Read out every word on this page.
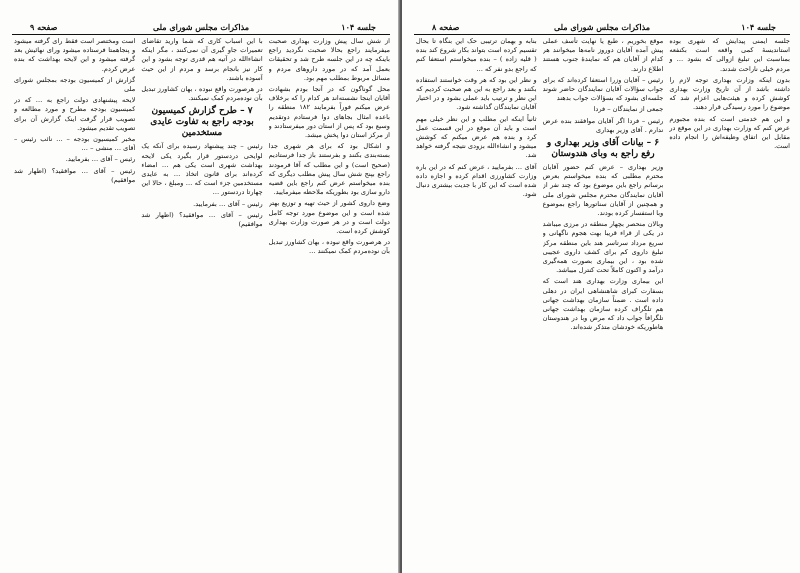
صفحه ۹	مذاکرات مجلس شورای ملی	جلسه ۱۰۴

از شش سال پیش وزارت بهداری صحبت میفرمایند راجع بحالا صحبت نگردید راجع باینکه چه در این جلسه طرح شد و تحقیقات بعمل آمد که در مورد داروهای مردم و مسائل مربوط بمطلب مهم بود.

محل گوناگون که در آنجا بودم بشهادت آقایان اینجا نشسته‌اند هر کدام را که برخلاف عرض میکنم فوراً بفرمایند ۱۸۲ منطقه را باعده امثال بجاهای دوا فرستادم دوتقدیم وسیع بود که پس از استان دور میفرستادند و از مرکز استان دوا پخش میشد.

و اشکال بود که برای هر شهری جدا بسته‌بندی بکنند و بفرستند باز جدا فرستادیم (صحیح است) و این مطلب که آقا فرمودند راجع بپنج شش سال پیش مطلب دیگری که بنده میخواستم عرض کنم راجع باین قضیه دارو سازی بود بطوریکه ملاحظه میفرمایید.

وضع داروی کشور از حیث تهیه و توزیع بهتر شده است و این موضوع مورد توجه کامل دولت است و در هر صورت وزارت بهداری کوشش کرده است.

در هرصورت واقع نبوده ، بهان کشاورز تبدیل بآن نوده‌مردم کمک نمیکنند …

با این اسباب کاری که شما وارید تقاضای تعمیرات جاو گیری آن نمی‌کنند ، مگر اینکه انشاءالله در آتیه هم قدری توجه بشود و این کار نیز بانجام برسد و مردم از این حیث آسوده باشند.

در هرصورت واقع نبوده ، بهان کشاورز تبدیل بآن نوده‌مردم کمک نمیکنند.

۷ – طرح گزارش کمیسیون بودجه راجع به تفاوت عایدی مستخدمین

رئیس – چند پیشنهاد رسیده برای آنکه یک لوایحی دردستور قرار بگیرد یکی لایحه بهداشت شهری است یکی هم … امضاء کرده‌اند برای قانون اتخاذ … به عایدی مستخدمین جزء است که … ومبلغ ، حالا این چهارتا دردستور …

رئیس – آقای … بفرمایید.

رئیس – آقای … موافقید؟ (اظهار شد موافقیم)

است ومختصر است فقط رای گرفته میشود و پنجاهمتا فرستاده میشود ورای نهائیش بعد گرفته میشود و این لایحه بهداشت که بنده عرض کردم.

گزارش از کمیسیون بودجه بمجلس شورای ملی

لایحه پیشنهادی دولت راجع به … که در کمیسیون بودجه مطرح و مورد مطالعه و تصویب قرار گرفت اینک گزارش آن برای تصویب تقدیم میشود.

مخبر کمیسیون بودجه – … نائب رئیس – آقای … منشی – …

رئیس – آقای … بفرمایید.

رئیس – آقای … موافقید؟ (اظهار شد موافقیم)

صفحه ۸	مذاکرات مجلس شورای ملی	جلسه ۱۰۴

جلسه ایمنی پیدایش که شهری بوده استاندیسهٔ کمی واقعه است بکنفعه بمناسبت این تبلیغ ازوالی که بشود … و مردم خیلی ناراحت شدند.

بدون اینکه وزارت بهداری توجه لازم را داشته باشد از آن تاریخ وزارت بهداری کوشش کرده و هیئت‌هایی اعزام شد که موضوع را مورد رسیدگی قرار دهند.

و این هم خدمتی است که بنده مجبورم عرض کنم که وزارت بهداری در این موقع در مقابل این اتفاق وظیفه‌اش را انجام داده است.

موقع بخوریم ، طبع یا نهایت تأسف عملی پیش آمده آقایان دوروز نامه‌ها میخوانند هر کدام از آقایان هم که نمایندهٔ جنوب هستند اطلاع دارند.

رئیس – آقایان وزرا استعفا کرده‌اند که برای جواب سؤالات آقایان نمایندگان حاضر شوند جلسه‌ای بشود که بسؤالات جواب بدهند

جمعی از نمایندگان – فردا

رئیس – فردا اگر آقایان موافقند بنده عرض ندارم . آقای وزیر بهداری

۶ – بیانات آقای وزیر بهداری و رفع راجع به وبای هندوستان

وزیر بهداری – عرض کنم حضور آقایان محترم مطلبی که بنده میخواستم بعرض برسانم راجع باین موضوع بود که چند نفر از آقایان نمایندگان محترم مجلس شورای ملی و همچنین از آقایان سناتورها راجع بموضوع وبا استفسار کرده بودند.

وبالان منحصر بچهار منطقه در مرزی میباشد در یکی از قراء قریبا بهت هجوم ناگهانی و سریع مرداد سرتاسر هند باین منطقه مرکز تبلیغ داروی کم برای کشف داروی عجیبی شده بود ، این بیماری بصورت همه‌گیری درآمد و اکنون کاملاً تحت کنترل میباشد.

این بیماری وزارت بهداری هند است که بسفارت کبرای شاهنشاهی ایران در دهلی داده است . ضمناً سازمان بهداشت جهانی هم تلگراف کرده سازمان بهداشت جهانی تلگرافاً جواب داد که مرض وبا در هندوستان هاطوریکه خودشان متذکر شده‌اند.

بنابه و بهمان ترتیبی حک این بنگاه تا بحال تقسیم کرده است بتواند بکار شروع کند بنده ( قلیه زاده ) – بنده میخواستم استعفا کنم که راجع بدو نفر که …

و نظر این بود که هر وقت خواستند استفاده بکنند و بعد راجع به این هم صحبت کردیم که این نظر و ترتیب باید عملی بشود و در اختیار آقایان نمایندگان گذاشته شود.

ثانیاً اینکه این مطلب و این نظر خیلی مهم است و باید آن موقع در این قسمت عمل کرد و بنده هم عرض میکنم که کوشش میشود و انشاءالله بزودی نتیجه گرفته خواهد شد.

آقای … بفرمایید ، عرض کنم که در این باره وزارت کشاورزی اقدام کرده و اجازه داده شده است که این کار با جدیت بیشتری دنبال شود.
